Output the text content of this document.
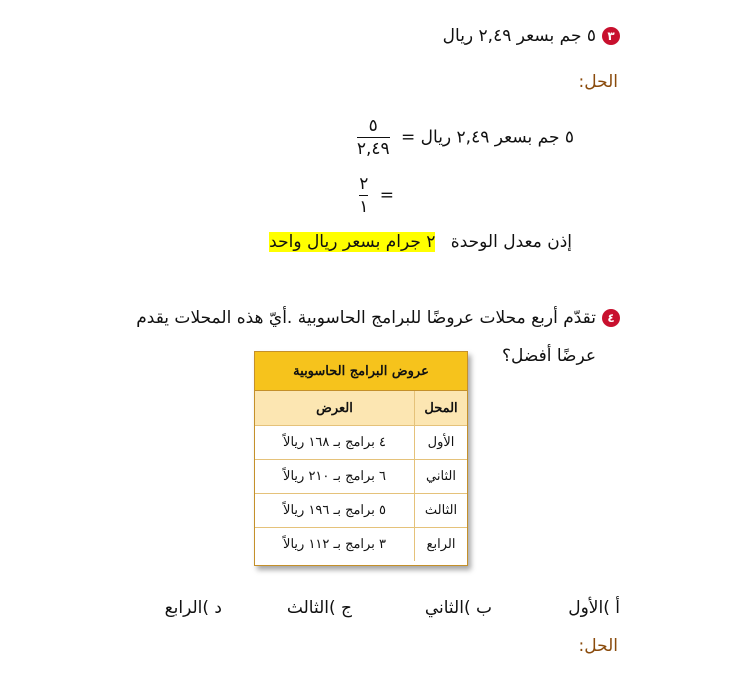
٣٥ جم بسعر ٢,٤٩ ريال
الحل:
٥ جم بسعر ٢,٤٩ ريال =
$\frac{٥}{٢,٤٩}$
=
$\frac{٢}{١}$
إذن معدل الوحدة ٢ جرام بسعر ريال واحد
٤تقدّم أربع محلات عروضًا للبرامج الحاسوبية .أيّ هذه المحلات يقدم
عرضًا أفضل؟
عروض البرامج الحاسوبية
المحل
العرض
الأول
٤ برامج بـ ١٦٨ ريالاً
الثاني
٦ برامج بـ ٢١٠ ريالاً
الثالث
٥ برامج بـ ١٩٦ ريالاً
الرابع
٣ برامج بـ ١١٢ ريالاً
أ )الأول
ب )الثاني
ج )الثالث
د )الرابع
الحل:
